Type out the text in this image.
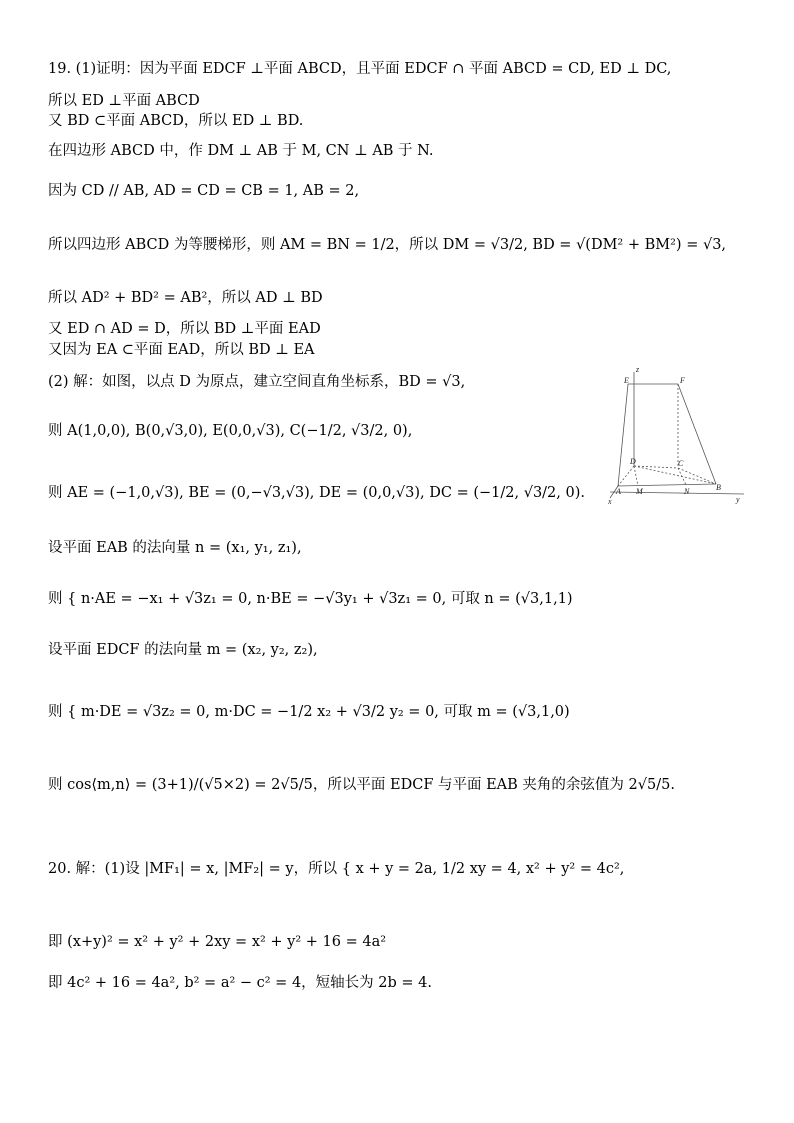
19. (1)证明：因为平面 EDCF ⊥平面 ABCD，且平面 EDCF ∩ 平面 ABCD = CD, ED ⊥ DC,
所以 ED ⊥平面 ABCD
又 BD ⊂平面 ABCD，所以 ED ⊥ BD.
在四边形 ABCD 中，作 DM ⊥ AB 于 M, CN ⊥ AB 于 N.
因为 CD // AB, AD = CD = CB = 1, AB = 2,
所以四边形 ABCD 为等腰梯形，则 AM = BN = 1/2，所以 DM = √3/2, BD = √(DM² + BM²) = √3,
所以 AD² + BD² = AB²，所以 AD ⊥ BD
又 ED ∩ AD = D，所以 BD ⊥平面 EAD
又因为 EA ⊂平面 EAD，所以 BD ⊥ EA
(2) 解：如图，以点 D 为原点，建立空间直角坐标系，BD = √3,
则 A(1,0,0), B(0,√3,0), E(0,0,√3), C(−1/2, √3/2, 0),
则 AE = (−1,0,√3), BE = (0,−√3,√3), DE = (0,0,√3), DC = (−1/2, √3/2, 0).
设平面 EAB 的法向量 n = (x₁, y₁, z₁),
则 { n·AE = −x₁ + √3z₁ = 0, n·BE = −√3y₁ + √3z₁ = 0, 可取 n = (√3,1,1)
设平面 EDCF 的法向量 m = (x₂, y₂, z₂),
则 { m·DE = √3z₂ = 0, m·DC = −1/2 x₂ + √3/2 y₂ = 0, 可取 m = (√3,1,0)
则 cos⟨m,n⟩ = (3+1)/(√5×2) = 2√5/5，所以平面 EDCF 与平面 EAB 夹角的余弦值为 2√5/5.
20. 解：(1)设 |MF₁| = x, |MF₂| = y，所以 { x + y = 2a, 1/2 xy = 4, x² + y² = 4c²,
即 (x+y)² = x² + y² + 2xy = x² + y² + 16 = 4a²
即 4c² + 16 = 4a², b² = a² − c² = 4，短轴长为 2b = 4.
E	F
D	C
A M	N	B
z
y
x
